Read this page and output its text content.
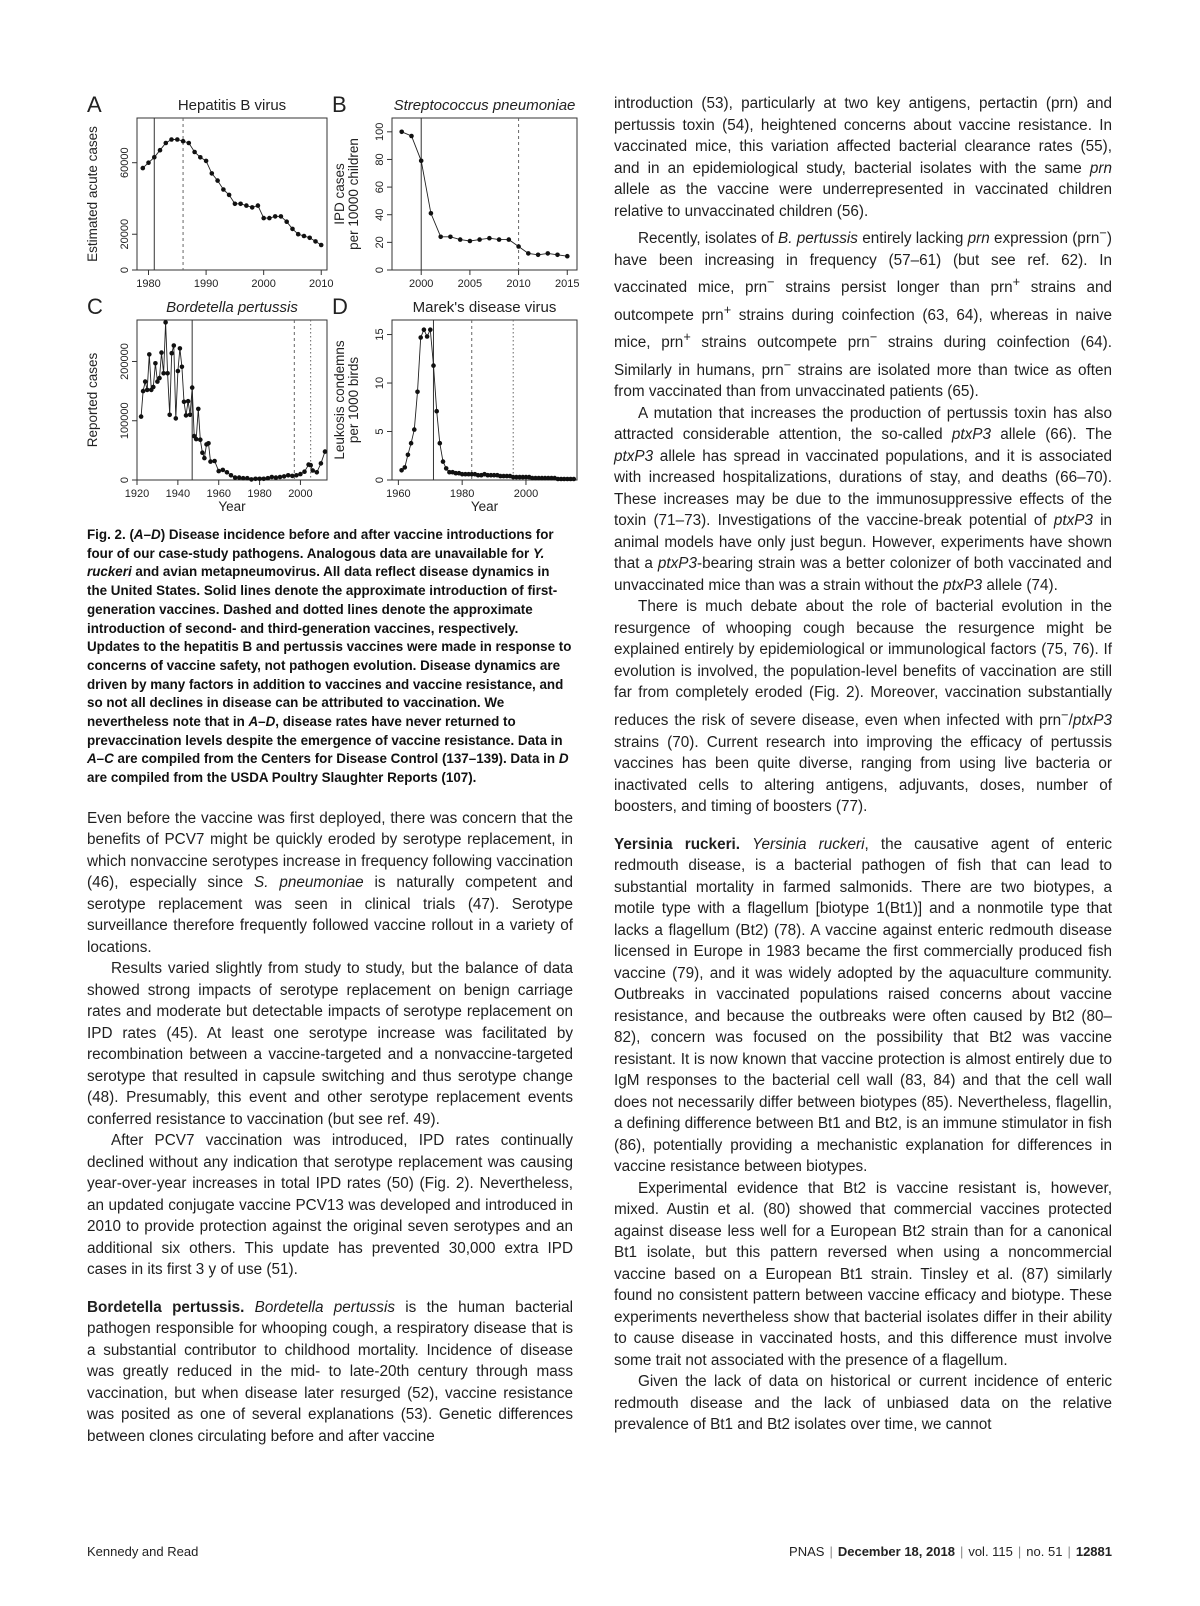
A	Hepatitis B virus
1980	1990	2000	2010
0
20000
60000
Estimated acute cases
B	Streptococcus pneumoniae
2000 2005 2010 2015
0
20
40
60
80
100
IPD cases per 10000 children
C	Bordetella pertussis
1920 1940 1960 1980 2000
0
100000
200000
Reported cases
Year
D	Marek's disease virus
1960	1980	2000
0
5
10
15
Leukosis condemns per 1000 birds
Year
Fig. 2. (A–D) Disease incidence before and after vaccine introductions for four of our case-study pathogens. Analogous data are unavailable for Y. ruckeri and avian metapneumovirus. All data reflect disease dynamics in the United States. Solid lines denote the approximate introduction of first-generation vaccines. Dashed and dotted lines denote the approximate introduction of second- and third-generation vaccines, respectively. Updates to the hepatitis B and pertussis vaccines were made in response to concerns of vaccine safety, not pathogen evolution. Disease dynamics are driven by many factors in addition to vaccines and vaccine resistance, and so not all declines in disease can be attributed to vaccination. We nevertheless note that in A–D, disease rates have never returned to prevaccination levels despite the emergence of vaccine resistance. Data in A–C are compiled from the Centers for Disease Control (137–139). Data in D are compiled from the USDA Poultry Slaughter Reports (107).

Even before the vaccine was first deployed, there was concern that the benefits of PCV7 might be quickly eroded by serotype replacement, in which nonvaccine serotypes increase in frequency following vaccination (46), especially since S. pneumoniae is naturally competent and serotype replacement was seen in clinical trials (47). Serotype surveillance therefore frequently followed vaccine rollout in a variety of locations.

Results varied slightly from study to study, but the balance of data showed strong impacts of serotype replacement on benign carriage rates and moderate but detectable impacts of serotype replacement on IPD rates (45). At least one serotype increase was facilitated by recombination between a vaccine-targeted and a nonvaccine-targeted serotype that resulted in capsule switching and thus serotype change (48). Presumably, this event and other serotype replacement events conferred resistance to vaccination (but see ref. 49).

After PCV7 vaccination was introduced, IPD rates continually declined without any indication that serotype replacement was causing year-over-year increases in total IPD rates (50) (Fig. 2). Nevertheless, an updated conjugate vaccine PCV13 was developed and introduced in 2010 to provide protection against the original seven serotypes and an additional six others. This update has prevented 30,000 extra IPD cases in its first 3 y of use (51).

Bordetella pertussis. Bordetella pertussis is the human bacterial pathogen responsible for whooping cough, a respiratory disease that is a substantial contributor to childhood mortality. Incidence of disease was greatly reduced in the mid- to late-20th century through mass vaccination, but when disease later resurged (52), vaccine resistance was posited as one of several explanations (53). Genetic differences between clones circulating before and after vaccine

introduction (53), particularly at two key antigens, pertactin (prn) and pertussis toxin (54), heightened concerns about vaccine resistance. In vaccinated mice, this variation affected bacterial clearance rates (55), and in an epidemiological study, bacterial isolates with the same prn allele as the vaccine were underrepresented in vaccinated children relative to unvaccinated children (56).

Recently, isolates of B. pertussis entirely lacking prn expression (prn−) have been increasing in frequency (57–61) (but see ref. 62). In vaccinated mice, prn− strains persist longer than prn+ strains and outcompete prn+ strains during coinfection (63, 64), whereas in naive mice, prn+ strains outcompete prn− strains during coinfection (64). Similarly in humans, prn− strains are isolated more than twice as often from vaccinated than from unvaccinated patients (65).

A mutation that increases the production of pertussis toxin has also attracted considerable attention, the so-called ptxP3 allele (66). The ptxP3 allele has spread in vaccinated populations, and it is associated with increased hospitalizations, durations of stay, and deaths (66–70). These increases may be due to the immunosuppressive effects of the toxin (71–73). Investigations of the vaccine-break potential of ptxP3 in animal models have only just begun. However, experiments have shown that a ptxP3-bearing strain was a better colonizer of both vaccinated and unvaccinated mice than was a strain without the ptxP3 allele (74).

There is much debate about the role of bacterial evolution in the resurgence of whooping cough because the resurgence might be explained entirely by epidemiological or immunological factors (75, 76). If evolution is involved, the population-level benefits of vaccination are still far from completely eroded (Fig. 2). Moreover, vaccination substantially reduces the risk of severe disease, even when infected with prn−/ptxP3 strains (70). Current research into improving the efficacy of pertussis vaccines has been quite diverse, ranging from using live bacteria or inactivated cells to altering antigens, adjuvants, doses, number of boosters, and timing of boosters (77).

Yersinia ruckeri. Yersinia ruckeri, the causative agent of enteric redmouth disease, is a bacterial pathogen of fish that can lead to substantial mortality in farmed salmonids. There are two biotypes, a motile type with a flagellum [biotype 1(Bt1)] and a nonmotile type that lacks a flagellum (Bt2) (78). A vaccine against enteric redmouth disease licensed in Europe in 1983 became the first commercially produced fish vaccine (79), and it was widely adopted by the aquaculture community. Outbreaks in vaccinated populations raised concerns about vaccine resistance, and because the outbreaks were often caused by Bt2 (80–82), concern was focused on the possibility that Bt2 was vaccine resistant. It is now known that vaccine protection is almost entirely due to IgM responses to the bacterial cell wall (83, 84) and that the cell wall does not necessarily differ between biotypes (85). Nevertheless, flagellin, a defining difference between Bt1 and Bt2, is an immune stimulator in fish (86), potentially providing a mechanistic explanation for differences in vaccine resistance between biotypes.

Experimental evidence that Bt2 is vaccine resistant is, however, mixed. Austin et al. (80) showed that commercial vaccines protected against disease less well for a European Bt2 strain than for a canonical Bt1 isolate, but this pattern reversed when using a noncommercial vaccine based on a European Bt1 strain. Tinsley et al. (87) similarly found no consistent pattern between vaccine efficacy and biotype. These experiments nevertheless show that bacterial isolates differ in their ability to cause disease in vaccinated hosts, and this difference must involve some trait not associated with the presence of a flagellum.

Given the lack of data on historical or current incidence of enteric redmouth disease and the lack of unbiased data on the relative prevalence of Bt1 and Bt2 isolates over time, we cannot

Kennedy and Read	PNAS | December 18, 2018 | vol. 115 | no. 51 | 12881
